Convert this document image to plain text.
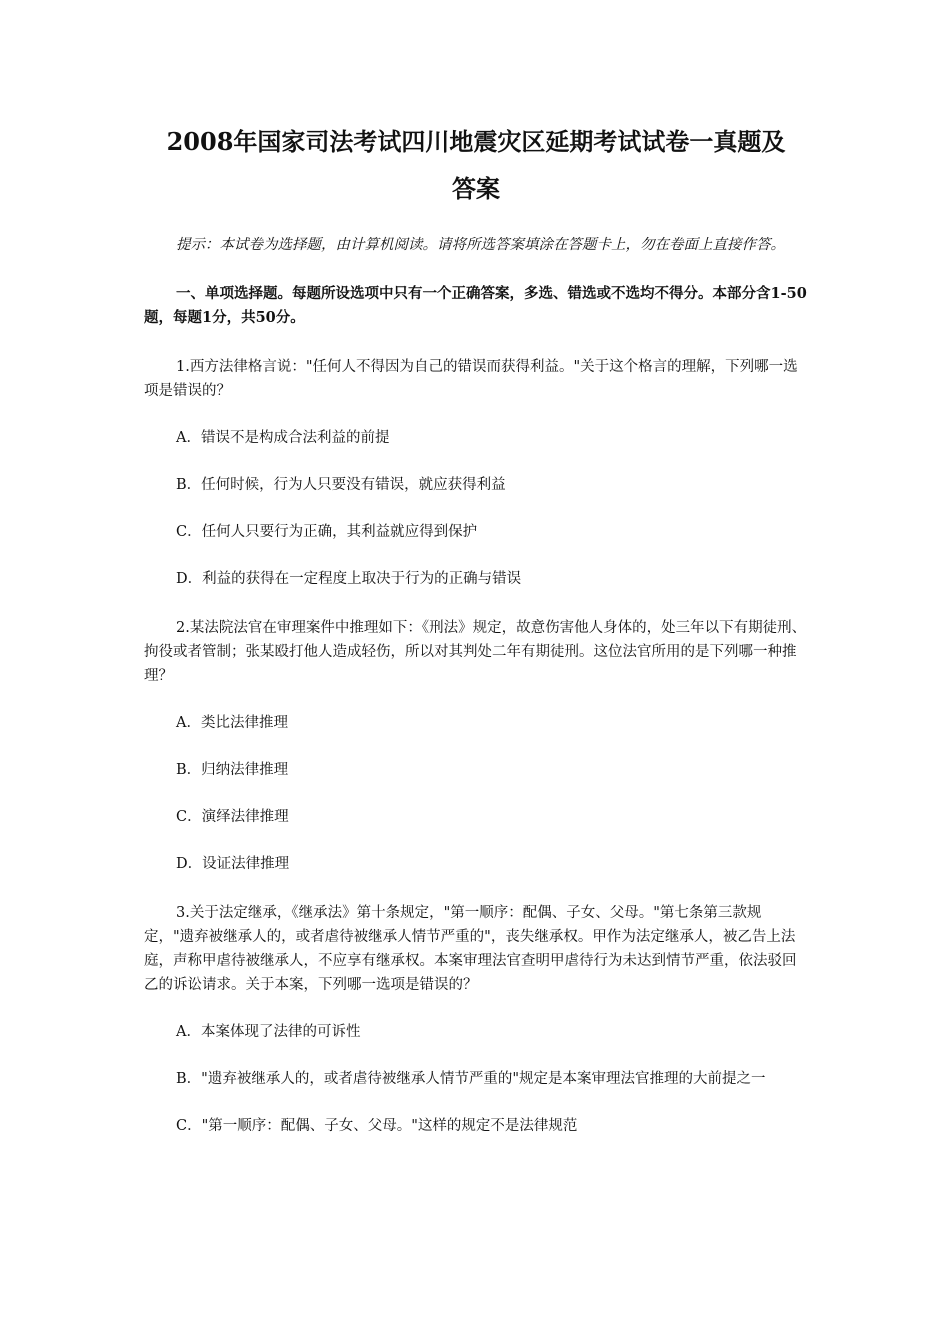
2008年国家司法考试四川地震灾区延期考试试卷一真题及
答案

提示：本试卷为选择题，由计算机阅读。请将所选答案填涂在答题卡上，勿在卷面上直接作答。

一、单项选择题。每题所设选项中只有一个正确答案，多选、错选或不选均不得分。本部分含1-50题，每题1分，共50分。

1.西方法律格言说："任何人不得因为自己的错误而获得利益。"关于这个格言的理解，下列哪一选项是错误的？

A．错误不是构成合法利益的前提

B．任何时候，行为人只要没有错误，就应获得利益

C．任何人只要行为正确，其利益就应得到保护

D．利益的获得在一定程度上取决于行为的正确与错误

2.某法院法官在审理案件中推理如下：《刑法》规定，故意伤害他人身体的，处三年以下有期徒刑、拘役或者管制；张某殴打他人造成轻伤，所以对其判处二年有期徒刑。这位法官所用的是下列哪一种推理？

A．类比法律推理

B．归纳法律推理

C．演绎法律推理

D．设证法律推理

3.关于法定继承，《继承法》第十条规定，"第一顺序：配偶、子女、父母。"第七条第三款规定，"遗弃被继承人的，或者虐待被继承人情节严重的"，丧失继承权。甲作为法定继承人，被乙告上法庭，声称甲虐待被继承人，不应享有继承权。本案审理法官查明甲虐待行为未达到情节严重，依法驳回乙的诉讼请求。关于本案，下列哪一选项是错误的？

A．本案体现了法律的可诉性

B．"遗弃被继承人的，或者虐待被继承人情节严重的"规定是本案审理法官推理的大前提之一

C．"第一顺序：配偶、子女、父母。"这样的规定不是法律规范
